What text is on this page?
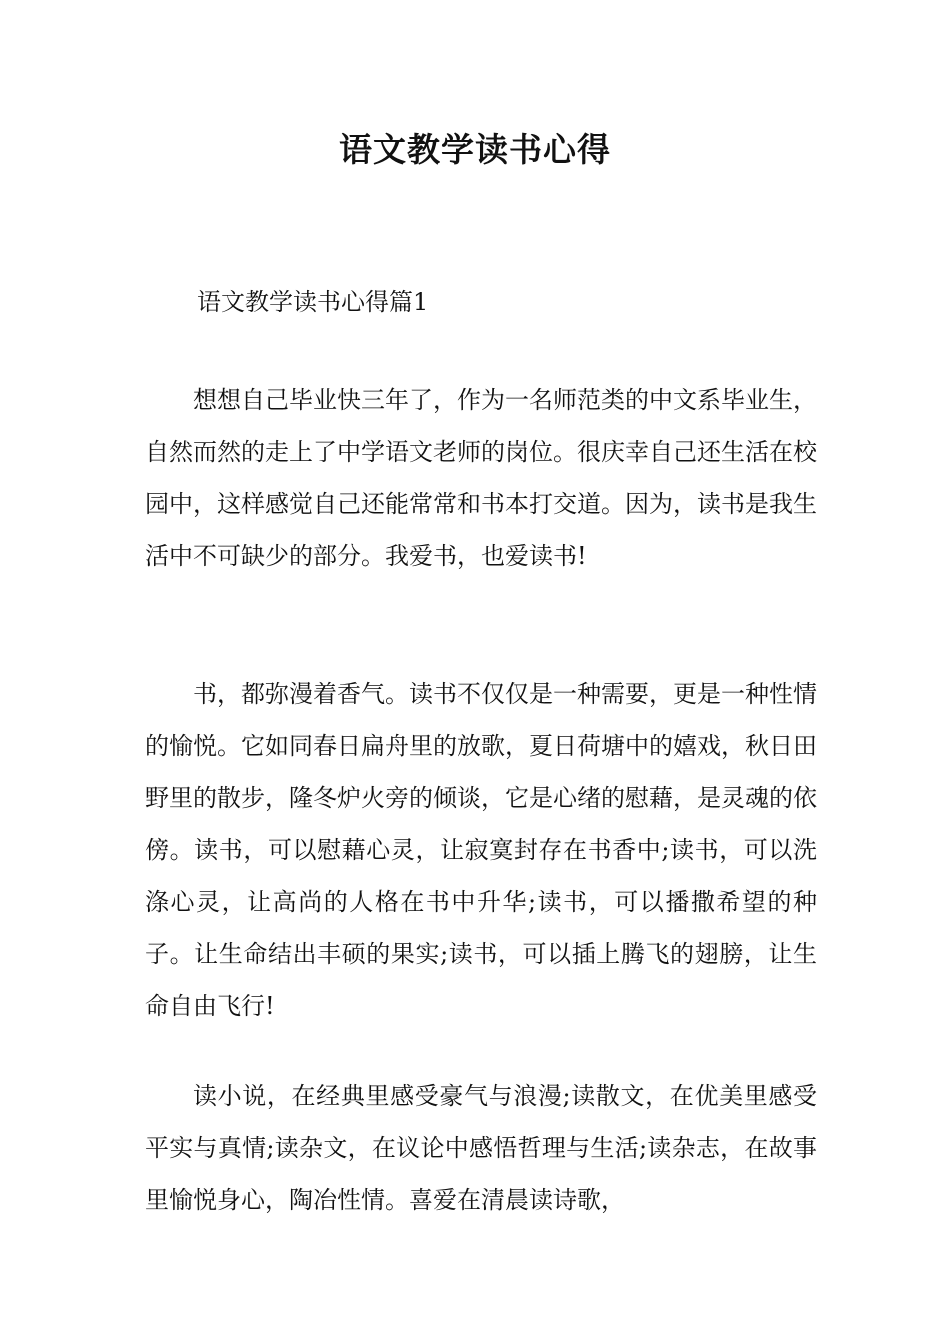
语文教学读书心得
语文教学读书心得篇1

想想自己毕业快三年了，作为一名师范类的中文系毕业生，自然而然的走上了中学语文老师的岗位。很庆幸自己还生活在校园中，这样感觉自己还能常常和书本打交道。因为，读书是我生活中不可缺少的部分。我爱书，也爱读书!

书，都弥漫着香气。读书不仅仅是一种需要，更是一种性情的愉悦。它如同春日扁舟里的放歌，夏日荷塘中的嬉戏，秋日田野里的散步，隆冬炉火旁的倾谈，它是心绪的慰藉，是灵魂的依傍。读书，可以慰藉心灵，让寂寞封存在书香中;读书，可以洗涤心灵，让高尚的人格在书中升华;读书，可以播撒希望的种子。让生命结出丰硕的果实;读书，可以插上腾飞的翅膀，让生命自由飞行!

读小说，在经典里感受豪气与浪漫;读散文，在优美里感受平实与真情;读杂文，在议论中感悟哲理与生活;读杂志，在故事里愉悦身心，陶冶性情。喜爱在清晨读诗歌，
